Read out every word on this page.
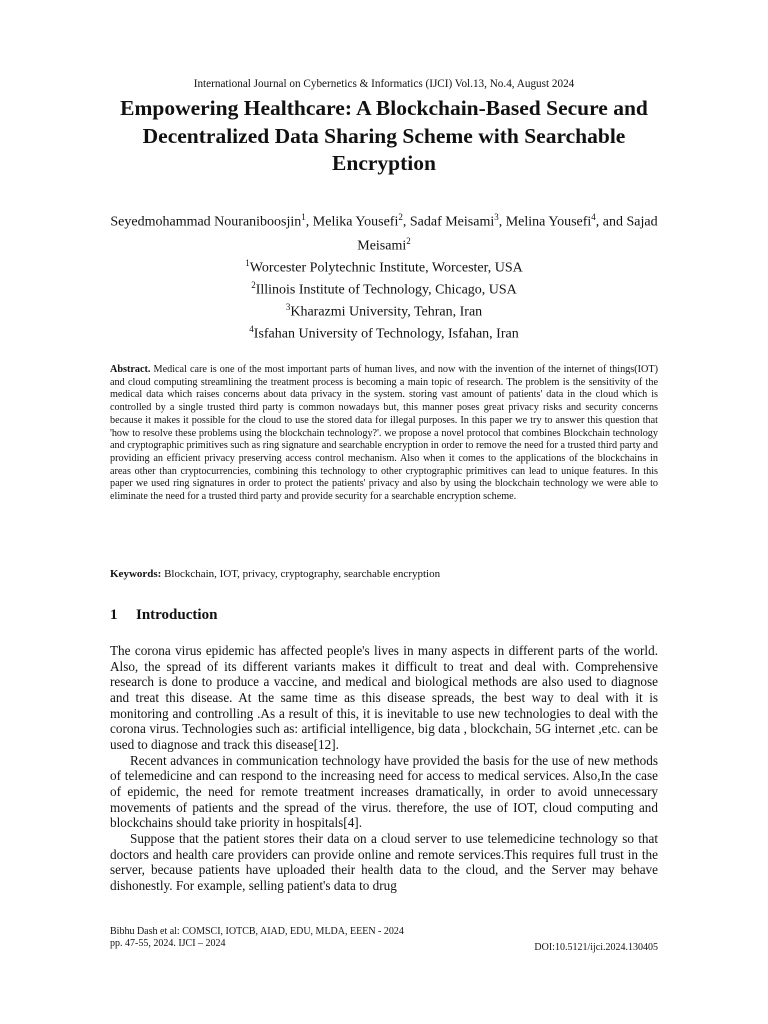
International Journal on Cybernetics & Informatics (IJCI) Vol.13, No.4, August 2024
Empowering Healthcare: A Blockchain-Based Secure and Decentralized Data Sharing Scheme with Searchable Encryption
Seyedmohammad Nouraniboosjin$^1$, Melika Yousefi$^2$, Sadaf Meisami$^3$, Melina Yousefi$^4$, and Sajad Meisami$^2$
$^1$Worcester Polytechnic Institute, Worcester, USA
$^2$Illinois Institute of Technology, Chicago, USA
$^3$Kharazmi University, Tehran, Iran
$^4$Isfahan University of Technology, Isfahan, Iran
Abstract. Medical care is one of the most important parts of human lives, and now with the invention of the internet of things(IOT) and cloud computing streamlining the treatment process is becoming a main topic of research. The problem is the sensitivity of the medical data which raises concerns about data privacy in the system. storing vast amount of patients' data in the cloud which is controlled by a single trusted third party is common nowadays but, this manner poses great privacy risks and security concerns because it makes it possible for the cloud to use the stored data for illegal purposes. In this paper we try to answer this question that 'how to resolve these problems using the blockchain technology?'. we propose a novel protocol that combines Blockchain technology and cryptographic primitives such as ring signature and searchable encryption in order to remove the need for a trusted third party and providing an efficient privacy preserving access control mechanism. Also when it comes to the applications of the blockchains in areas other than cryptocurrencies, combining this technology to other cryptographic primitives can lead to unique features. In this paper we used ring signatures in order to protect the patients' privacy and also by using the blockchain technology we were able to eliminate the need for a trusted third party and provide security for a searchable encryption scheme.
Keywords: Blockchain, IOT, privacy, cryptography, searchable encryption
1 Introduction

The corona virus epidemic has affected people's lives in many aspects in different parts of the world. Also, the spread of its different variants makes it difficult to treat and deal with. Comprehensive research is done to produce a vaccine, and medical and biological methods are also used to diagnose and treat this disease. At the same time as this disease spreads, the best way to deal with it is monitoring and controlling .As a result of this, it is inevitable to use new technologies to deal with the corona virus. Technologies such as: artificial intelligence, big data , blockchain, 5G internet ,etc. can be used to diagnose and track this disease[12].

Recent advances in communication technology have provided the basis for the use of new methods of telemedicine and can respond to the increasing need for access to medical services. Also,In the case of epidemic, the need for remote treatment increases dramatically, in order to avoid unnecessary movements of patients and the spread of the virus. therefore, the use of IOT, cloud computing and blockchains should take priority in hospitals[4].

Suppose that the patient stores their data on a cloud server to use telemedicine technology so that doctors and health care providers can provide online and remote services.This requires full trust in the server, because patients have uploaded their health data to the cloud, and the Server may behave dishonestly. For example, selling patient's data to drug

Bibhu Dash et al: COMSCI, IOTCB, AIAD, EDU, MLDA, EEEN - 2024
pp. 47-55, 2024. IJCI – 2024	DOI:10.5121/ijci.2024.130405
